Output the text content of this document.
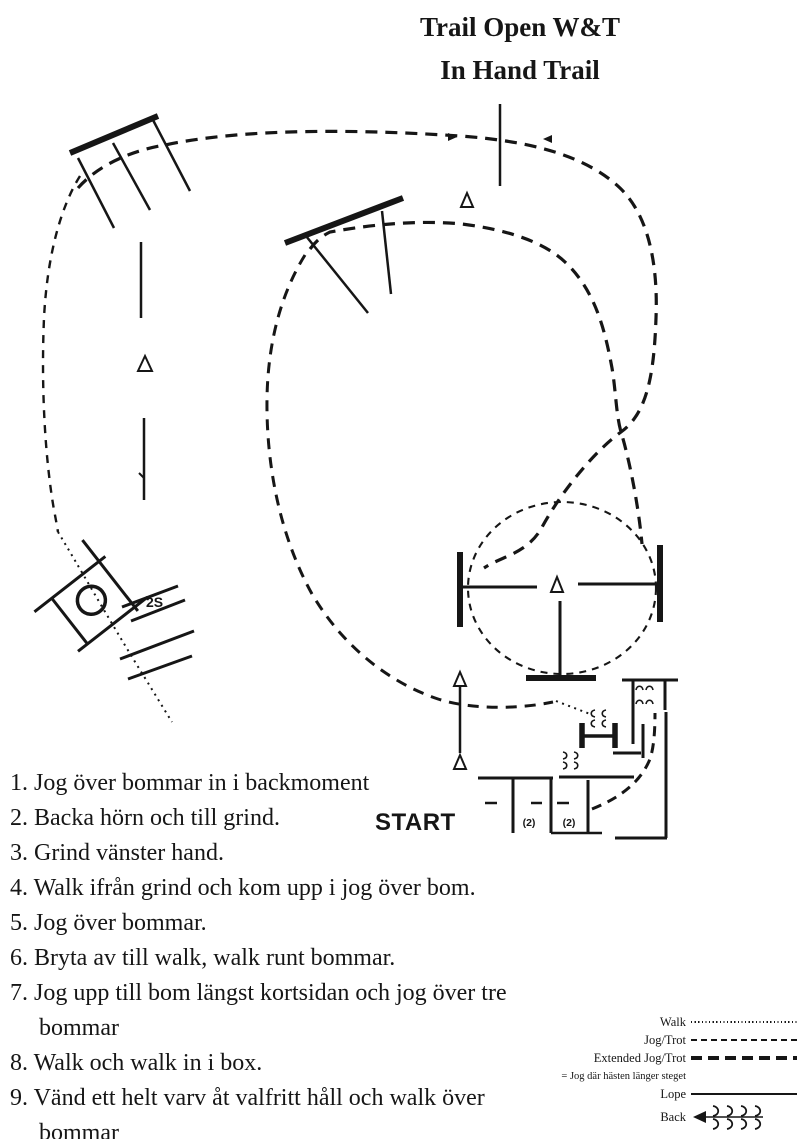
2S
(2)	(2)
Trail Open W&T
In Hand Trail
START
1. Jog över bommar in i backmoment
2. Backa hörn och till grind.
3. Grind vänster hand.
4. Walk ifrån grind och kom upp i jog över bom.
5. Jog över bommar.
6. Bryta av till walk, walk runt bommar.
7. Jog upp till bom längst kortsidan och jog över tre
bommar
8. Walk och walk in i box.
9. Vänd ett helt varv åt valfritt håll och walk över
bommar
Walk
Jog/Trot
Extended Jog/Trot
= Jog där hästen länger steget
Lope
Back
